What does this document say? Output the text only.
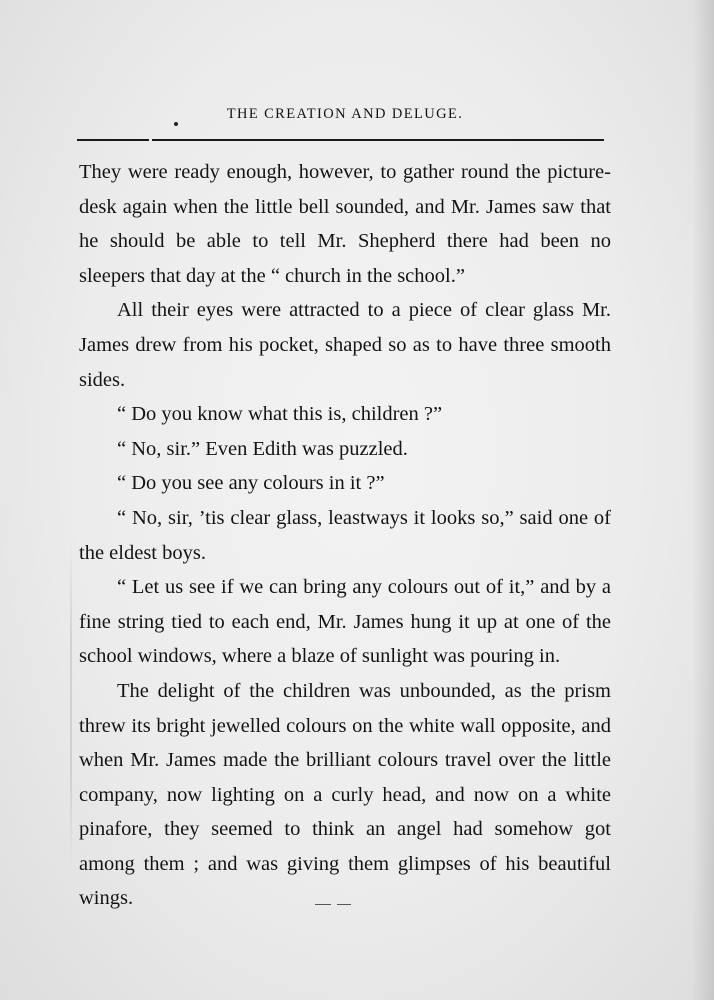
THE CREATION AND DELUGE.

They were ready enough, however, to gather round the picture-desk again when the little bell sounded, and Mr. James saw that he should be able to tell Mr. Shepherd there had been no sleepers that day at the “ church in the school.”

All their eyes were attracted to a piece of clear glass Mr. James drew from his pocket, shaped so as to have three smooth sides.

“ Do you know what this is, children ?”

“ No, sir.” Even Edith was puzzled.

“ Do you see any colours in it ?”

“ No, sir, ’tis clear glass, leastways it looks so,” said one of the eldest boys.

“ Let us see if we can bring any colours out of it,” and by a fine string tied to each end, Mr. James hung it up at one of the school windows, where a blaze of sunlight was pouring in.

The delight of the children was unbounded, as the prism threw its bright jewelled colours on the white wall opposite, and when Mr. James made the brilliant colours travel over the little company, now lighting on a curly head, and now on a white pinafore, they seemed to think an angel had somehow got among them ; and was giving them glimpses of his beautiful wings.
